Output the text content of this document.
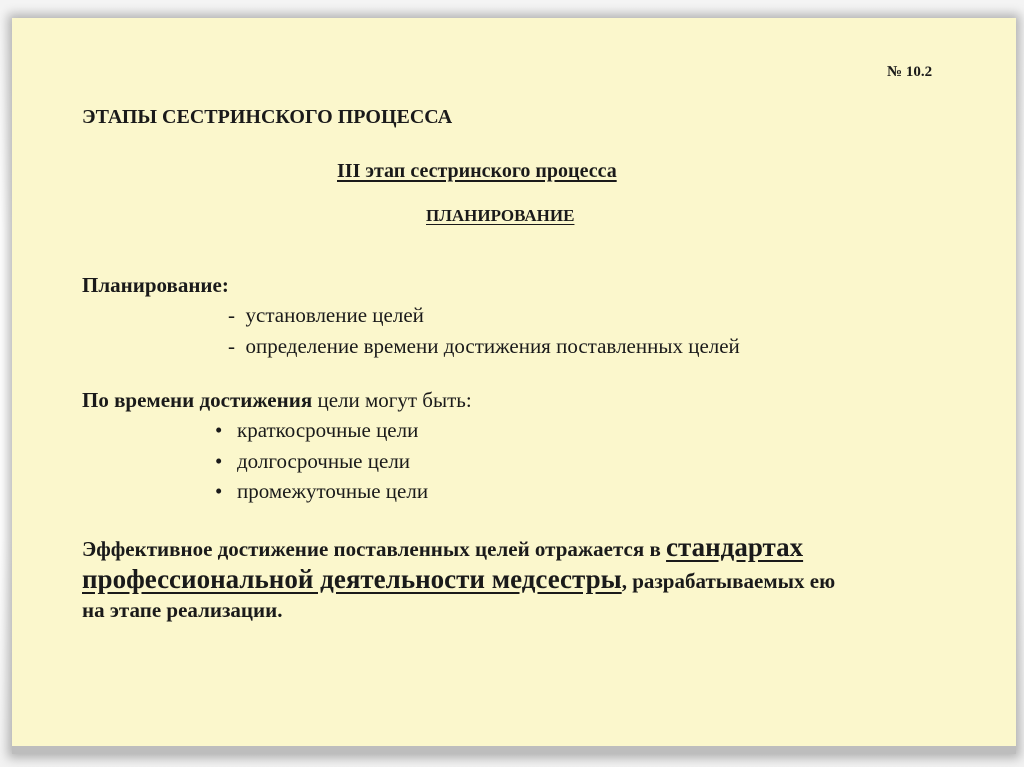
№ 10.2
ЭТАПЫ СЕСТРИНСКОГО ПРОЦЕССА
III этап сестринского процесса
ПЛАНИРОВАНИЕ
Планирование:
-  установление целей
-  определение времени достижения поставленных целей
По времени достижения цели могут быть:
• краткосрочные цели
• долгосрочные цели
• промежуточные цели
Эффективное достижение поставленных целей отражается в стандартах
профессиональной деятельности медсестры, разрабатываемых ею
на этапе реализации.
